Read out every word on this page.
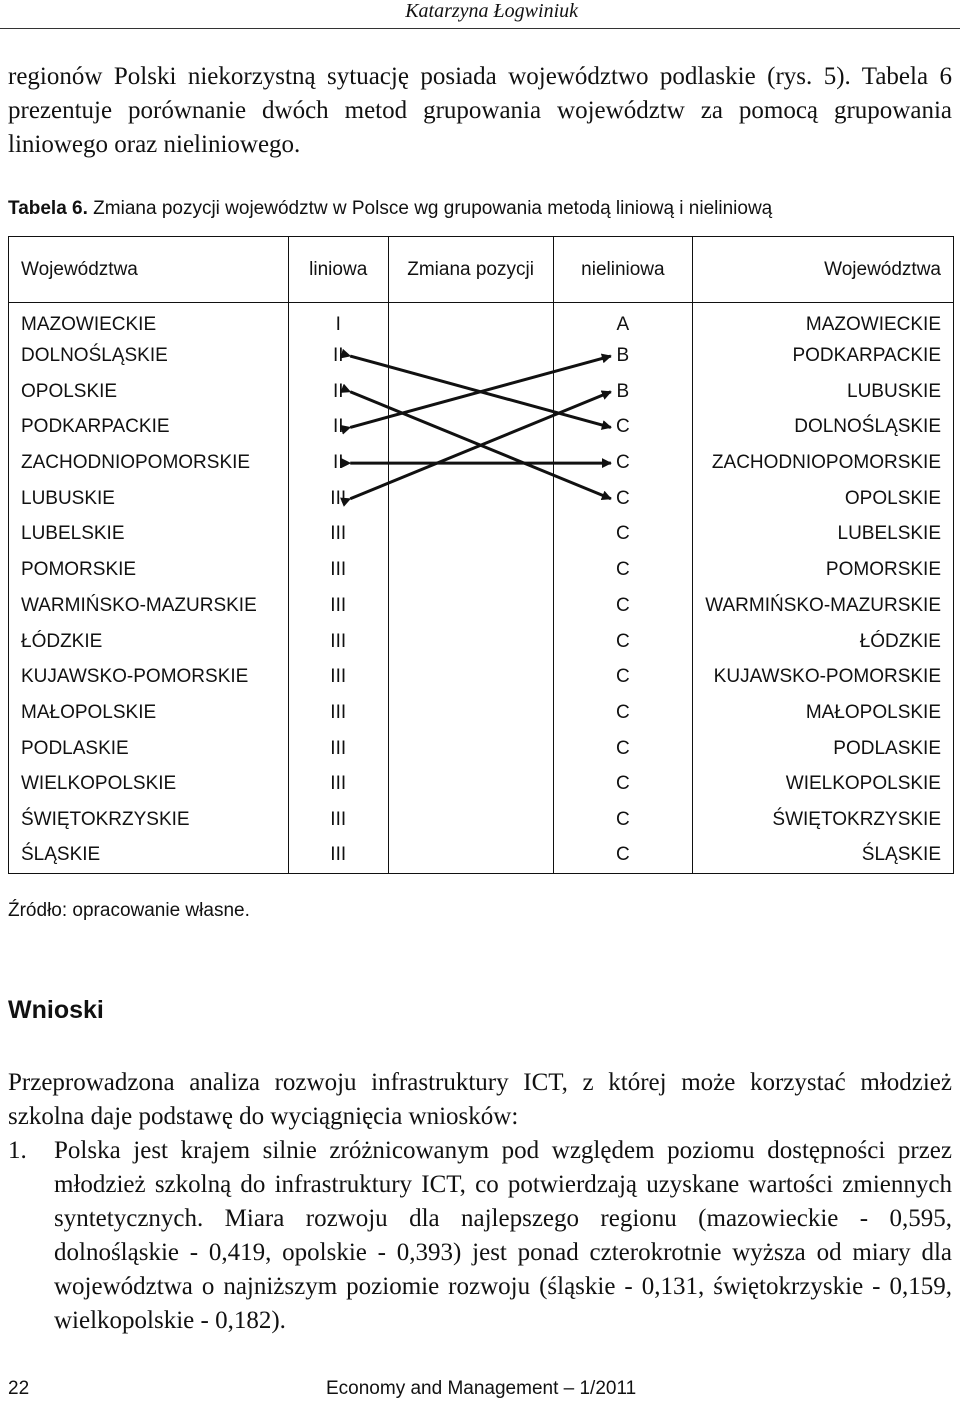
Katarzyna Łogwiniuk

regionów Polski niekorzystną sytuację posiada województwo podlaskie (rys. 5). Tabela 6 prezentuje porównanie dwóch metod grupowania województw za pomocą grupowania liniowego oraz nieliniowego.

Tabela 6. Zmiana pozycji województw w Polsce wg grupowania metodą liniową i nieliniową
Województwa	liniowa	Zmiana pozycji	nieliniowa	Województwa
MAZOWIECKIE	I		A	MAZOWIECKIE
DOLNOŚLĄSKIE	II		B	PODKARPACKIE
OPOLSKIE	II		B	LUBUSKIE
PODKARPACKIE	II		C	DOLNOŚLĄSKIE
ZACHODNIOPOMORSKIE	II		C	ZACHODNIOPOMORSKIE
LUBUSKIE	III		C	OPOLSKIE
LUBELSKIE	III		C	LUBELSKIE
POMORSKIE	III		C	POMORSKIE
WARMIŃSKO-MAZURSKIE	III		C	WARMIŃSKO-MAZURSKIE
ŁÓDZKIE	III		C	ŁÓDZKIE
KUJAWSKO-POMORSKIE	III		C	KUJAWSKO-POMORSKIE
MAŁOPOLSKIE	III		C	MAŁOPOLSKIE
PODLASKIE	III		C	PODLASKIE
WIELKOPOLSKIE	III		C	WIELKOPOLSKIE
ŚWIĘTOKRZYSKIE	III		C	ŚWIĘTOKRZYSKIE
ŚLĄSKIE	III		C	ŚLĄSKIE
Źródło: opracowanie własne.
Wnioski

Przeprowadzona analiza rozwoju infrastruktury ICT, z której może korzystać młodzież szkolna daje podstawę do wyciągnięcia wniosków:

1.	Polska jest krajem silnie zróżnicowanym pod względem poziomu dostępności przez młodzież szkolną do infrastruktury ICT, co potwierdzają uzyskane wartości zmiennych syntetycznych. Miara rozwoju dla najlepszego regionu (mazowieckie - 0,595, dolnośląskie - 0,419, opolskie - 0,393) jest ponad czterokrotnie wyższa od miary dla województwa o najniższym poziomie rozwoju (śląskie - 0,131, świętokrzyskie - 0,159, wielkopolskie - 0,182).
22	Economy and Management – 1/2011
